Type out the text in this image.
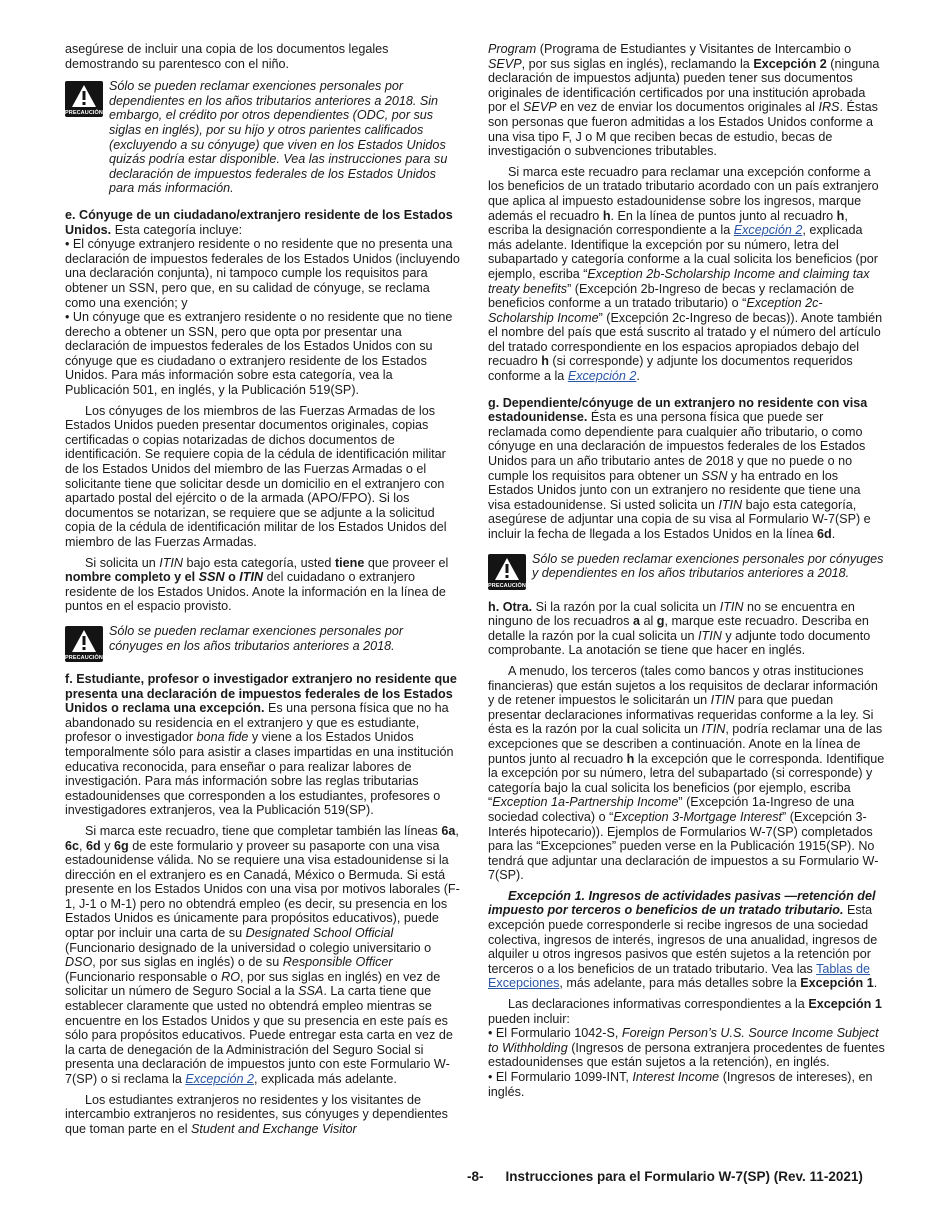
asegúrese de incluir una copia de los documentos legales demostrando su parentesco con el niño.

PRECAUCIÓN

Sólo se pueden reclamar exenciones personales por dependientes en los años tributarios anteriores a 2018. Sin embargo, el crédito por otros dependientes (ODC, por sus siglas en inglés), por su hijo y otros parientes calificados (excluyendo a su cónyuge) que viven en los Estados Unidos quizás podría estar disponible. Vea las instrucciones para su declaración de impuestos federales de los Estados Unidos para más información.

e. Cónyuge de un ciudadano/extranjero residente de los Estados Unidos. Esta categoría incluye:

• El cónyuge extranjero residente o no residente que no presenta una declaración de impuestos federales de los Estados Unidos (incluyendo una declaración conjunta), ni tampoco cumple los requisitos para obtener un SSN, pero que, en su calidad de cónyuge, se reclama como una exención; y

• Un cónyuge que es extranjero residente o no residente que no tiene derecho a obtener un SSN, pero que opta por presentar una declaración de impuestos federales de los Estados Unidos con su cónyuge que es ciudadano o extranjero residente de los Estados Unidos. Para más información sobre esta categoría, vea la Publicación 501, en inglés, y la Publicación 519(SP).

Los cónyuges de los miembros de las Fuerzas Armadas de los Estados Unidos pueden presentar documentos originales, copias certificadas o copias notarizadas de dichos documentos de identificación. Se requiere copia de la cédula de identificación militar de los Estados Unidos del miembro de las Fuerzas Armadas o el solicitante tiene que solicitar desde un domicilio en el extranjero con apartado postal del ejército o de la armada (APO/FPO). Si los documentos se notarizan, se requiere que se adjunte a la solicitud copia de la cédula de identificación militar de los Estados Unidos del miembro de las Fuerzas Armadas.

Si solicita un ITIN bajo esta categoría, usted tiene que proveer el nombre completo y el SSN o ITIN del cuidadano o extranjero residente de los Estados Unidos. Anote la información en la línea de puntos en el espacio provisto.

PRECAUCIÓN

Sólo se pueden reclamar exenciones personales por cónyuges en los años tributarios anteriores a 2018.

f. Estudiante, profesor o investigador extranjero no residente que presenta una declaración de impuestos federales de los Estados Unidos o reclama una excepción. Es una persona física que no ha abandonado su residencia en el extranjero y que es estudiante, profesor o investigador bona fide y viene a los Estados Unidos temporalmente sólo para asistir a clases impartidas en una institución educativa reconocida, para enseñar o para realizar labores de investigación. Para más información sobre las reglas tributarias estadounidenses que corresponden a los estudiantes, profesores o investigadores extranjeros, vea la Publicación 519(SP).

Si marca este recuadro, tiene que completar también las líneas 6a, 6c, 6d y 6g de este formulario y proveer su pasaporte con una visa estadounidense válida. No se requiere una visa estadounidense si la dirección en el extranjero es en Canadá, México o Bermuda. Si está presente en los Estados Unidos con una visa por motivos laborales (F-1, J-1 o M-1) pero no obtendrá empleo (es decir, su presencia en los Estados Unidos es únicamente para propósitos educativos), puede optar por incluir una carta de su Designated School Official (Funcionario designado de la universidad o colegio universitario o DSO, por sus siglas en inglés) o de su Responsible Officer (Funcionario responsable o RO, por sus siglas en inglés) en vez de solicitar un número de Seguro Social a la SSA. La carta tiene que establecer claramente que usted no obtendrá empleo mientras se encuentre en los Estados Unidos y que su presencia en este país es sólo para propósitos educativos. Puede entregar esta carta en vez de la carta de denegación de la Administración del Seguro Social si presenta una declaración de impuestos junto con este Formulario W-7(SP) o si reclama la Excepción 2, explicada más adelante.

Los estudiantes extranjeros no residentes y los visitantes de intercambio extranjeros no residentes, sus cónyuges y dependientes que toman parte en el Student and Exchange Visitor

Program (Programa de Estudiantes y Visitantes de Intercambio o SEVP, por sus siglas en inglés), reclamando la Excepción 2 (ninguna declaración de impuestos adjunta) pueden tener sus documentos originales de identificación certificados por una institución aprobada por el SEVP en vez de enviar los documentos originales al IRS. Éstas son personas que fueron admitidas a los Estados Unidos conforme a una visa tipo F, J o M que reciben becas de estudio, becas de investigación o subvenciones tributables.

Si marca este recuadro para reclamar una excepción conforme a los beneficios de un tratado tributario acordado con un país extranjero que aplica al impuesto estadounidense sobre los ingresos, marque además el recuadro h. En la línea de puntos junto al recuadro h, escriba la designación correspondiente a la Excepción 2, explicada más adelante. Identifique la excepción por su número, letra del subapartado y categoría conforme a la cual solicita los beneficios (por ejemplo, escriba “Exception 2b-Scholarship Income and claiming tax treaty benefits” (Excepción 2b-Ingreso de becas y reclamación de beneficios conforme a un tratado tributario) o “Exception 2c-Scholarship Income” (Excepción 2c-Ingreso de becas)). Anote también el nombre del país que está suscrito al tratado y el número del artículo del tratado correspondiente en los espacios apropiados debajo del recuadro h (si corresponde) y adjunte los documentos requeridos conforme a la Excepción 2.

g. Dependiente/cónyuge de un extranjero no residente con visa estadounidense. Ésta es una persona física que puede ser reclamada como dependiente para cualquier año tributario, o como cónyuge en una declaración de impuestos federales de los Estados Unidos para un año tributario antes de 2018 y que no puede o no cumple los requisitos para obtener un SSN y ha entrado en los Estados Unidos junto con un extranjero no residente que tiene una visa estadounidense. Si usted solicita un ITIN bajo esta categoría, asegúrese de adjuntar una copia de su visa al Formulario W-7(SP) e incluir la fecha de llegada a los Estados Unidos en la línea 6d.

PRECAUCIÓN

Sólo se pueden reclamar exenciones personales por cónyuges y dependientes en los años tributarios anteriores a 2018.

h. Otra. Si la razón por la cual solicita un ITIN no se encuentra en ninguno de los recuadros a al g, marque este recuadro. Describa en detalle la razón por la cual solicita un ITIN y adjunte todo documento comprobante. La anotación se tiene que hacer en inglés.

A menudo, los terceros (tales como bancos y otras instituciones financieras) que están sujetos a los requisitos de declarar información y de retener impuestos le solicitarán un ITIN para que puedan presentar declaraciones informativas requeridas conforme a la ley. Si ésta es la razón por la cual solicita un ITIN, podría reclamar una de las excepciones que se describen a continuación. Anote en la línea de puntos junto al recuadro h la excepción que le corresponda. Identifique la excepción por su número, letra del subapartado (si corresponde) y categoría bajo la cual solicita los beneficios (por ejemplo, escriba “Exception 1a-Partnership Income” (Excepción 1a-Ingreso de una sociedad colectiva) o “Exception 3-Mortgage Interest” (Excepción 3-Interés hipotecario)). Ejemplos de Formularios W-7(SP) completados para las “Excepciones” pueden verse en la Publicación 1915(SP). No tendrá que adjuntar una declaración de impuestos a su Formulario W-7(SP).

Excepción 1. Ingresos de actividades pasivas —retención del impuesto por terceros o beneficios de un tratado tributario. Esta excepción puede corresponderle si recibe ingresos de una sociedad colectiva, ingresos de interés, ingresos de una anualidad, ingresos de alquiler u otros ingresos pasivos que estén sujetos a la retención por terceros o a los beneficios de un tratado tributario. Vea las Tablas de Excepciones, más adelante, para más detalles sobre la Excepción 1.

Las declaraciones informativas correspondientes a la Excepción 1 pueden incluir:

• El Formulario 1042-S, Foreign Person’s U.S. Source Income Subject to Withholding (Ingresos de persona extranjera procedentes de fuentes estadounidenses que están sujetos a la retención), en inglés.

• El Formulario 1099-INT, Interest Income (Ingresos de intereses), en inglés.

-8- Instrucciones para el Formulario W-7(SP) (Rev. 11-2021)
